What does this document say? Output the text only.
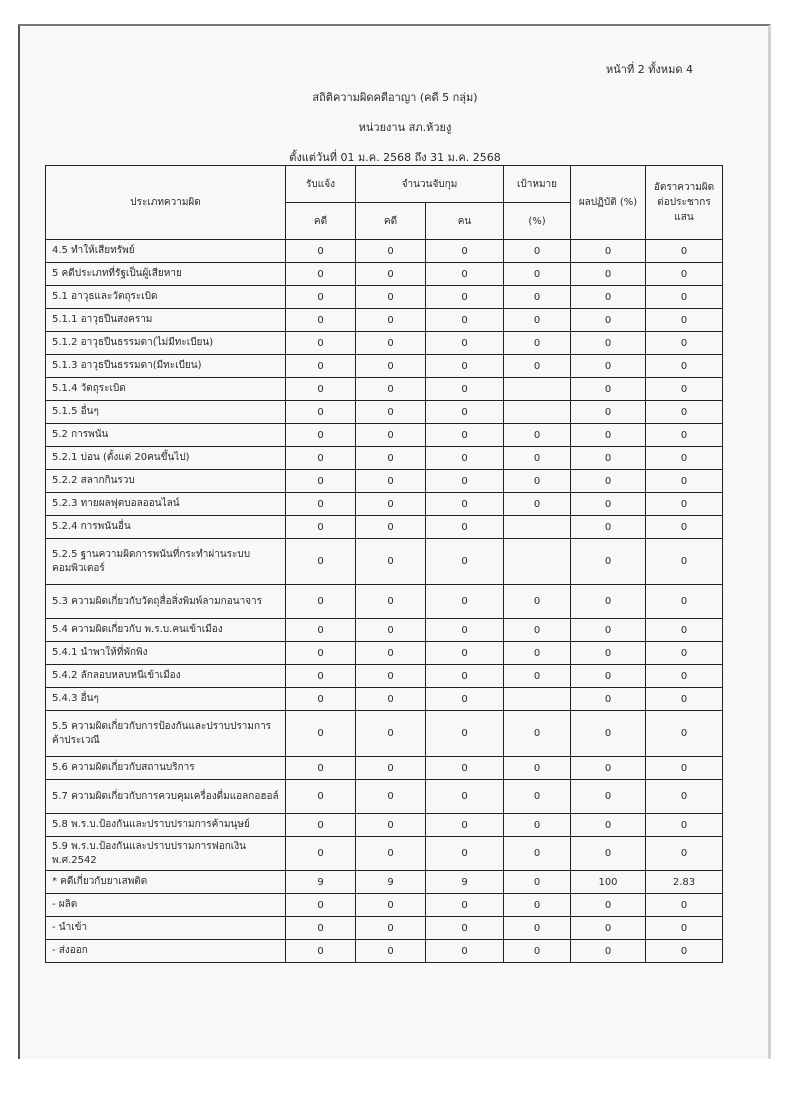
หน้าที่ 2 ทั้งหมด 4
สถิติความผิดคดีอาญา (คดี 5 กลุ่ม)
หน่วยงาน สภ.ห้วยงู
ตั้งแต่วันที่ 01 ม.ค. 2568 ถึง 31 ม.ค. 2568
ประเภทความผิด	รับแจ้ง	จำนวนจับกุม		เป้าหมาย	ผลปฏิบัติ (%)	อัตราความผิดต่อประชากรแสน
	คดี	คดี	คน	(%)		
4.5 ทำให้เสียทรัพย์	0	0	0	0	0	0
5 คดีประเภทที่รัฐเป็นผู้เสียหาย	0	0	0	0	0	0
5.1 อาวุธและวัตถุระเบิด	0	0	0	0	0	0
5.1.1 อาวุธปืนสงคราม	0	0	0	0	0	0
5.1.2 อาวุธปืนธรรมดา(ไม่มีทะเบียน)	0	0	0	0	0	0
5.1.3 อาวุธปืนธรรมดา(มีทะเบียน)	0	0	0	0	0	0
5.1.4 วัตถุระเบิด	0	0	0		0	0
5.1.5 อื่นๆ	0	0	0		0	0
5.2 การพนัน	0	0	0	0	0	0
5.2.1 บ่อน (ตั้งแต่ 20คนขึ้นไป)	0	0	0	0	0	0
5.2.2 สลากกินรวบ	0	0	0	0	0	0
5.2.3 ทายผลฟุตบอลออนไลน์	0	0	0	0	0	0
5.2.4 การพนันอื่น	0	0	0		0	0
5.2.5 ฐานความผิดการพนันที่กระทำผ่านระบบคอมพิวเตอร์	0	0	0		0	0
5.3 ความผิดเกี่ยวกับวัตถุสื่อสิ่งพิมพ์ลามกอนาจาร	0	0	0	0	0	0
5.4 ความผิดเกี่ยวกับ พ.ร.บ.คนเข้าเมือง	0	0	0	0	0	0
5.4.1 นำพาให้ที่พักพิง	0	0	0	0	0	0
5.4.2 ลักลอบหลบหนีเข้าเมือง	0	0	0	0	0	0
5.4.3 อื่นๆ	0	0	0		0	0
5.5 ความผิดเกี่ยวกับการป้องกันและปราบปรามการค้าประเวณี	0	0	0	0	0	0
5.6 ความผิดเกี่ยวกับสถานบริการ	0	0	0	0	0	0
5.7 ความผิดเกี่ยวกับการควบคุมเครื่องดื่มแอลกอฮอล์	0	0	0	0	0	0
5.8 พ.ร.บ.ป้องกันและปราบปรามการค้ามนุษย์	0	0	0	0	0	0
5.9 พ.ร.บ.ป้องกันและปราบปรามการฟอกเงิน พ.ศ.2542	0	0	0	0	0	0
* คดีเกี่ยวกับยาเสพติด	9	9	9	0	100	2.83
- ผลิต	0	0	0	0	0	0
- นำเข้า	0	0	0	0	0	0
- ส่งออก	0	0	0	0	0	0
